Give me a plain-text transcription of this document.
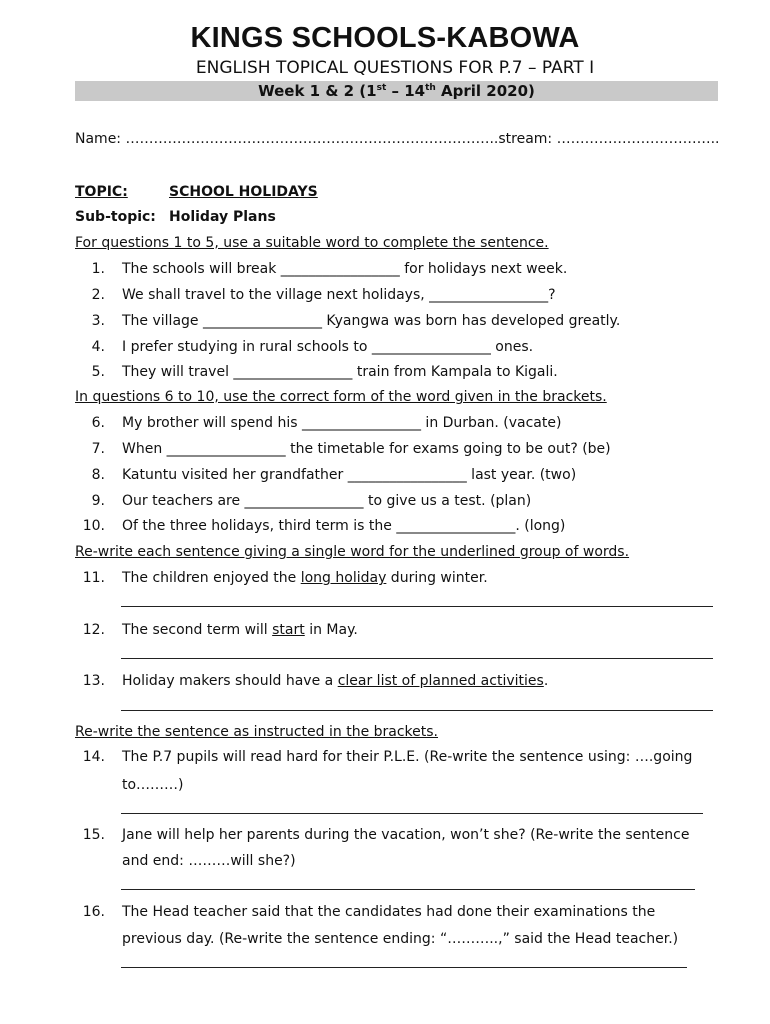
KINGS SCHOOLS-KABOWA
ENGLISH TOPICAL QUESTIONS FOR P.7 – PART I
Week 1 & 2 (1st – 14th April 2020)
Name: ……………………………………………………………………..stream: ……………………………..
TOPIC:	SCHOOL HOLIDAYS
Sub-topic: Holiday Plans
For questions 1 to 5, use a suitable word to complete the sentence.
1. The schools will break _________________ for holidays next week.
2. We shall travel to the village next holidays, _________________?
3. The village _________________ Kyangwa was born has developed greatly.
4. I prefer studying in rural schools to _________________ ones.
5. They will travel _________________ train from Kampala to Kigali.
In questions 6 to 10, use the correct form of the word given in the brackets.
6. My brother will spend his _________________ in Durban. (vacate)
7. When _________________ the timetable for exams going to be out? (be)
8. Katuntu visited her grandfather _________________ last year. (two)
9. Our teachers are _________________ to give us a test. (plan)
10. Of the three holidays, third term is the _________________. (long)
Re-write each sentence giving a single word for the underlined group of words.
11. The children enjoyed the long holiday during winter.
12. The second term will start in May.
13. Holiday makers should have a clear list of planned activities.
Re-write the sentence as instructed in the brackets.
14. The P.7 pupils will read hard for their P.L.E. (Re-write the sentence using: ….going
to………)
15. Jane will help her parents during the vacation, won’t she? (Re-write the sentence
and end: ………will she?)
16. The Head teacher said that the candidates had done their examinations the
previous day. (Re-write the sentence ending: “………..,” said the Head teacher.)
